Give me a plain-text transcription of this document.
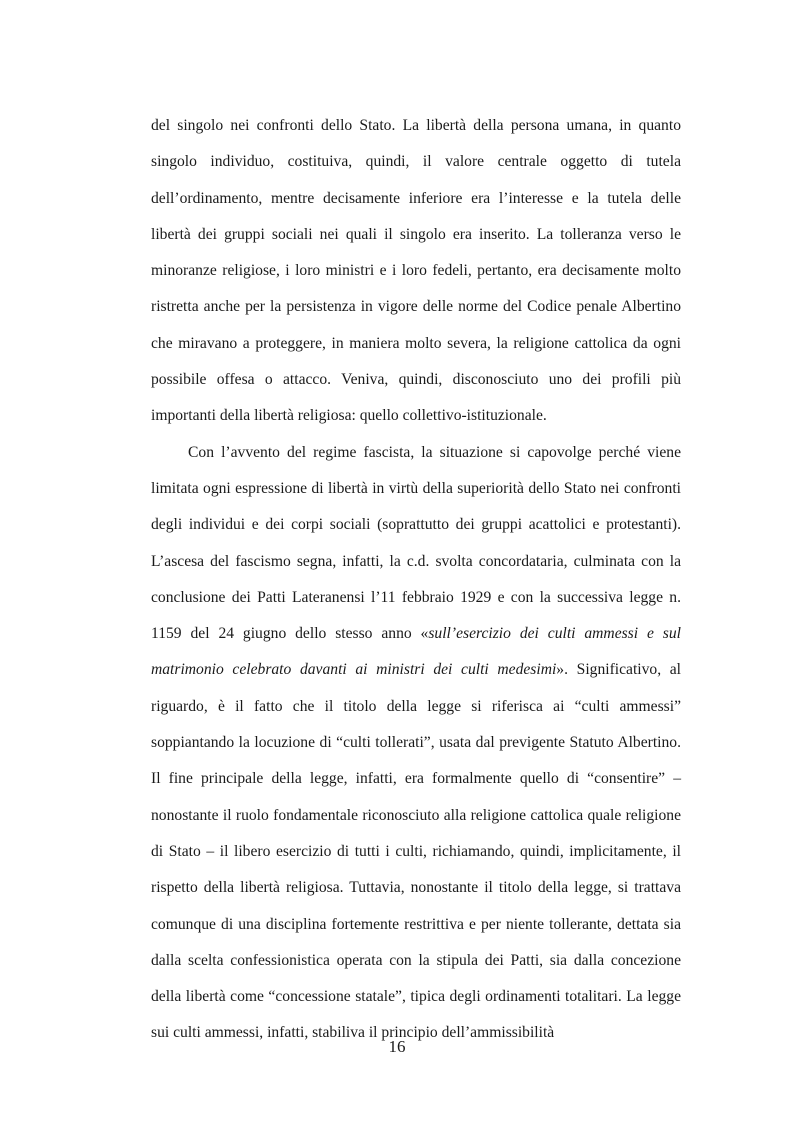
del singolo nei confronti dello Stato. La libertà della persona umana, in quanto singolo individuo, costituiva, quindi, il valore centrale oggetto di tutela dell’ordinamento, mentre decisamente inferiore era l’interesse e la tutela delle libertà dei gruppi sociali nei quali il singolo era inserito. La tolleranza verso le minoranze religiose, i loro ministri e i loro fedeli, pertanto, era decisamente molto ristretta anche per la persistenza in vigore delle norme del Codice penale Albertino che miravano a proteggere, in maniera molto severa, la religione cattolica da ogni possibile offesa o attacco. Veniva, quindi, disconosciuto uno dei profili più importanti della libertà religiosa: quello collettivo-istituzionale.

Con l’avvento del regime fascista, la situazione si capovolge perché viene limitata ogni espressione di libertà in virtù della superiorità dello Stato nei confronti degli individui e dei corpi sociali (soprattutto dei gruppi acattolici e protestanti). L’ascesa del fascismo segna, infatti, la c.d. svolta concordataria, culminata con la conclusione dei Patti Lateranensi l’11 febbraio 1929 e con la successiva legge n. 1159 del 24 giugno dello stesso anno «sull’esercizio dei culti ammessi e sul matrimonio celebrato davanti ai ministri dei culti medesimi». Significativo, al riguardo, è il fatto che il titolo della legge si riferisca ai “culti ammessi” soppiantando la locuzione di “culti tollerati”, usata dal previgente Statuto Albertino. Il fine principale della legge, infatti, era formalmente quello di “consentire” – nonostante il ruolo fondamentale riconosciuto alla religione cattolica quale religione di Stato – il libero esercizio di tutti i culti, richiamando, quindi, implicitamente, il rispetto della libertà religiosa. Tuttavia, nonostante il titolo della legge, si trattava comunque di una disciplina fortemente restrittiva e per niente tollerante, dettata sia dalla scelta confessionistica operata con la stipula dei Patti, sia dalla concezione della libertà come “concessione statale”, tipica degli ordinamenti totalitari. La legge sui culti ammessi, infatti, stabiliva il principio dell’ammissibilità

16
